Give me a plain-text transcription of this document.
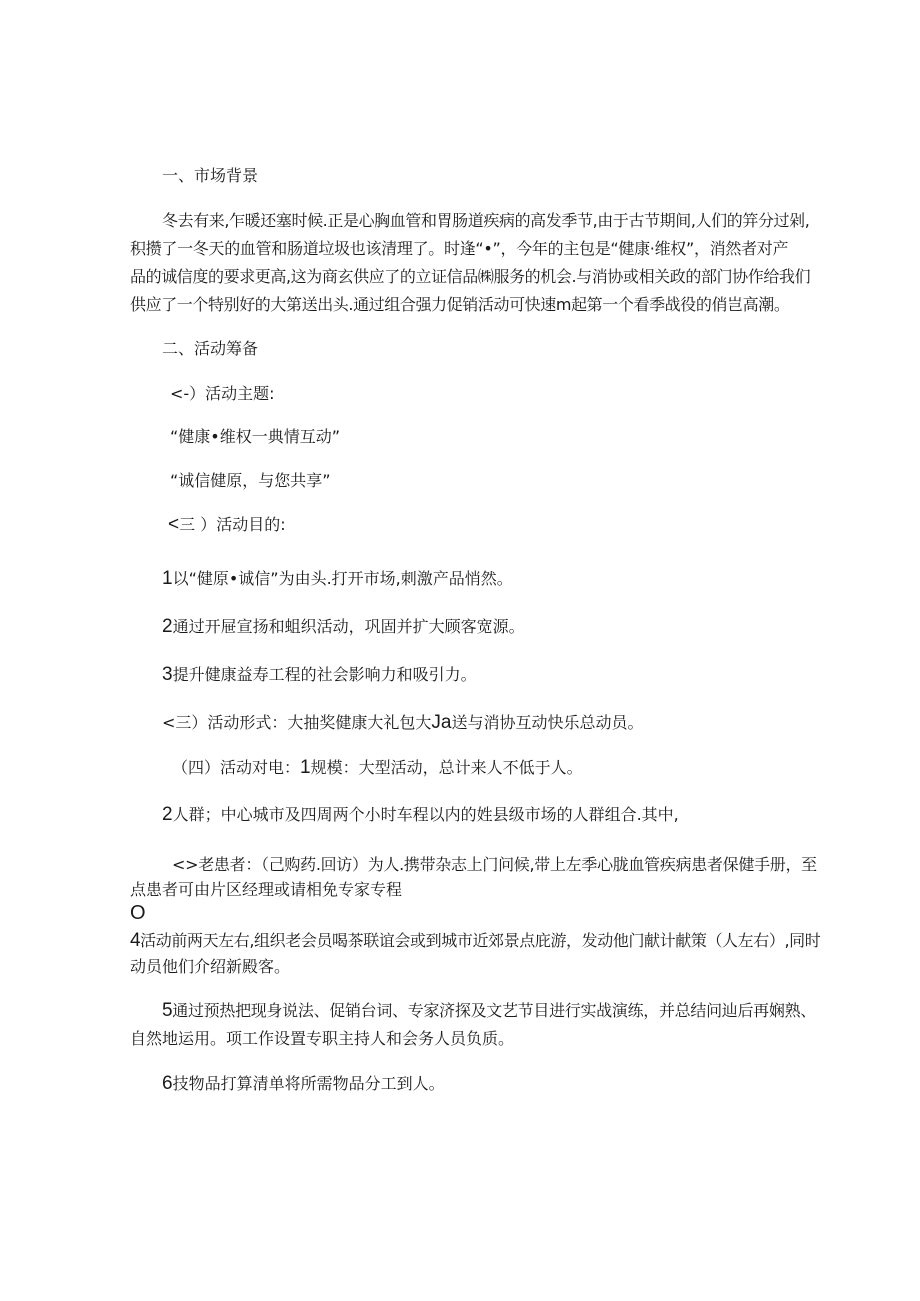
一、市场背景
冬去有来,乍暖还塞时候.正是心胸血管和胃肠道疾病的高发季节,由于古节期间,人们的笄分过剁,
积攒了一冬天的血管和肠道垃圾也该清理了。时逢“•”，今年的主包是“健康·维权”，消然者对产
品的诚信度的要求更高,这为商玄供应了的立证信品㈱服务的机会.与消协或相关政的部门协作给我们
供应了一个特别好的大第送出头.通过组合强力促销活动可快速m起第一个看季战役的俏岂高潮。
二、活动筹备
<-）活动主题:
“健康•维权一典情互动”
“诚信健原，与您共享”
<三 ）活动目的:
1以“健原•诚信”为由头.打开市场,刺激产品悄然。
2通过开屉宣扬和蛆织活动，巩固并扩大顾客宽源。
3提升健康益寿工程的社会影响力和吸引力。
<三）活动形式：大抽奖健康大礼包大Ja送与消协互动快乐总动员。
（四）活动对电：1规模：大型活动，总计来人不低于人。
2人群；中心城市及四周两个小时车程以内的姓县级市场的人群组合.其中,
<>老患者：（己购药.回访）为人.携带杂志上门问候,带上左季心胧血管疾病患者保健手册，至
点患者可由片区经理或请相免专家专程
O
4活动前两天左右,组织老会员喝茶联谊会或到城市近郊景点庇游，发动他门献计献策（人左右）,同时
动员他们介绍新殿客。
5通过预热把现身说法、促销台词、专家济探及文艺节目进行实战演练，并总结问辿后再娴熟、
自然地运用。项工作设置专职主持人和会务人员负质。
6技物品打算清单将所需物品分工到人。
